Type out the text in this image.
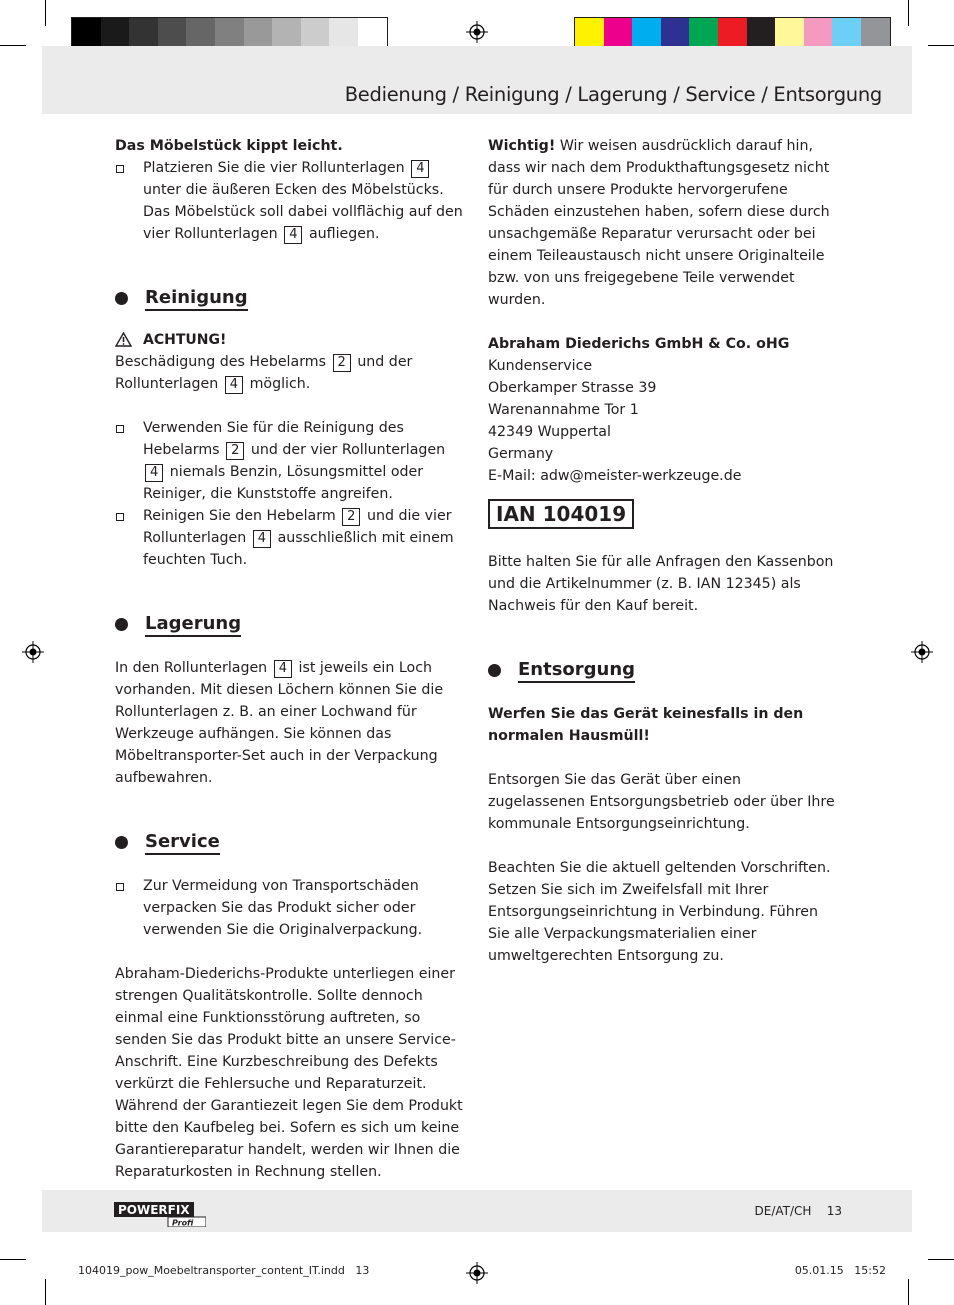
Bedienung / Reinigung / Lagerung / Service / Entsorgung

Das Möbelstück kippt leicht.

Platzieren Sie die vier Rollunterlagen 4 unter die äußeren Ecken des Möbelstücks. Das Möbelstück soll dabei vollflächig auf den vier Rollunterlagen 4 aufliegen.

Reinigung

ACHTUNG!

Beschädigung des Hebelarms 2 und der Rollunterlagen 4 möglich.

Verwenden Sie für die Reinigung des Hebelarms 2 und der vier Rollunterlagen 4 niemals Benzin, Lösungsmittel oder Reiniger, die Kunststoffe angreifen.

Reinigen Sie den Hebelarm 2 und die vier Rollunterlagen 4 ausschließlich mit einem feuchten Tuch.

Lagerung

In den Rollunterlagen 4 ist jeweils ein Loch vorhanden. Mit diesen Löchern können Sie die Rollunterlagen z. B. an einer Lochwand für Werkzeuge aufhängen. Sie können das Möbeltransporter-Set auch in der Verpackung aufbewahren.

Service

Zur Vermeidung von Transportschäden verpacken Sie das Produkt sicher oder verwenden Sie die Originalverpackung.

Abraham-Diederichs-Produkte unterliegen einer strengen Qualitätskontrolle. Sollte dennoch einmal eine Funktionsstörung auftreten, so senden Sie das Produkt bitte an unsere Service-Anschrift. Eine Kurzbeschreibung des Defekts verkürzt die Fehlersuche und Reparaturzeit. Während der Garantiezeit legen Sie dem Produkt bitte den Kaufbeleg bei. Sofern es sich um keine Garantiereparatur handelt, werden wir Ihnen die Reparaturkosten in Rechnung stellen.

Wichtig! Wir weisen ausdrücklich darauf hin, dass wir nach dem Produkthaftungsgesetz nicht für durch unsere Produkte hervorgerufene Schäden einzustehen haben, sofern diese durch unsachgemäße Reparatur verursacht oder bei einem Teileaustausch nicht unsere Originalteile bzw. von uns freigegebene Teile verwendet wurden.

Abraham Diederichs GmbH & Co. oHG

Kundenservice

Oberkamper Strasse 39

Warenannahme Tor 1

42349 Wuppertal

Germany

E-Mail: adw@meister-werkzeuge.de

IAN 104019

Bitte halten Sie für alle Anfragen den Kassenbon und die Artikelnummer (z. B. IAN 12345) als Nachweis für den Kauf bereit.

Entsorgung

Werfen Sie das Gerät keinesfalls in den normalen Hausmüll!

Entsorgen Sie das Gerät über einen zugelassenen Entsorgungsbetrieb oder über Ihre kommunale Entsorgungseinrichtung.

Beachten Sie die aktuell geltenden Vorschriften. Setzen Sie sich im Zweifelsfall mit Ihrer Entsorgungseinrichtung in Verbindung. Führen Sie alle Verpackungsmaterialien einer umweltgerechten Entsorgung zu.

POWERFIX
Profi
DE/AT/CH 13
104019_pow_Moebeltransporter_content_IT.indd   13	05.01.15   15:52
